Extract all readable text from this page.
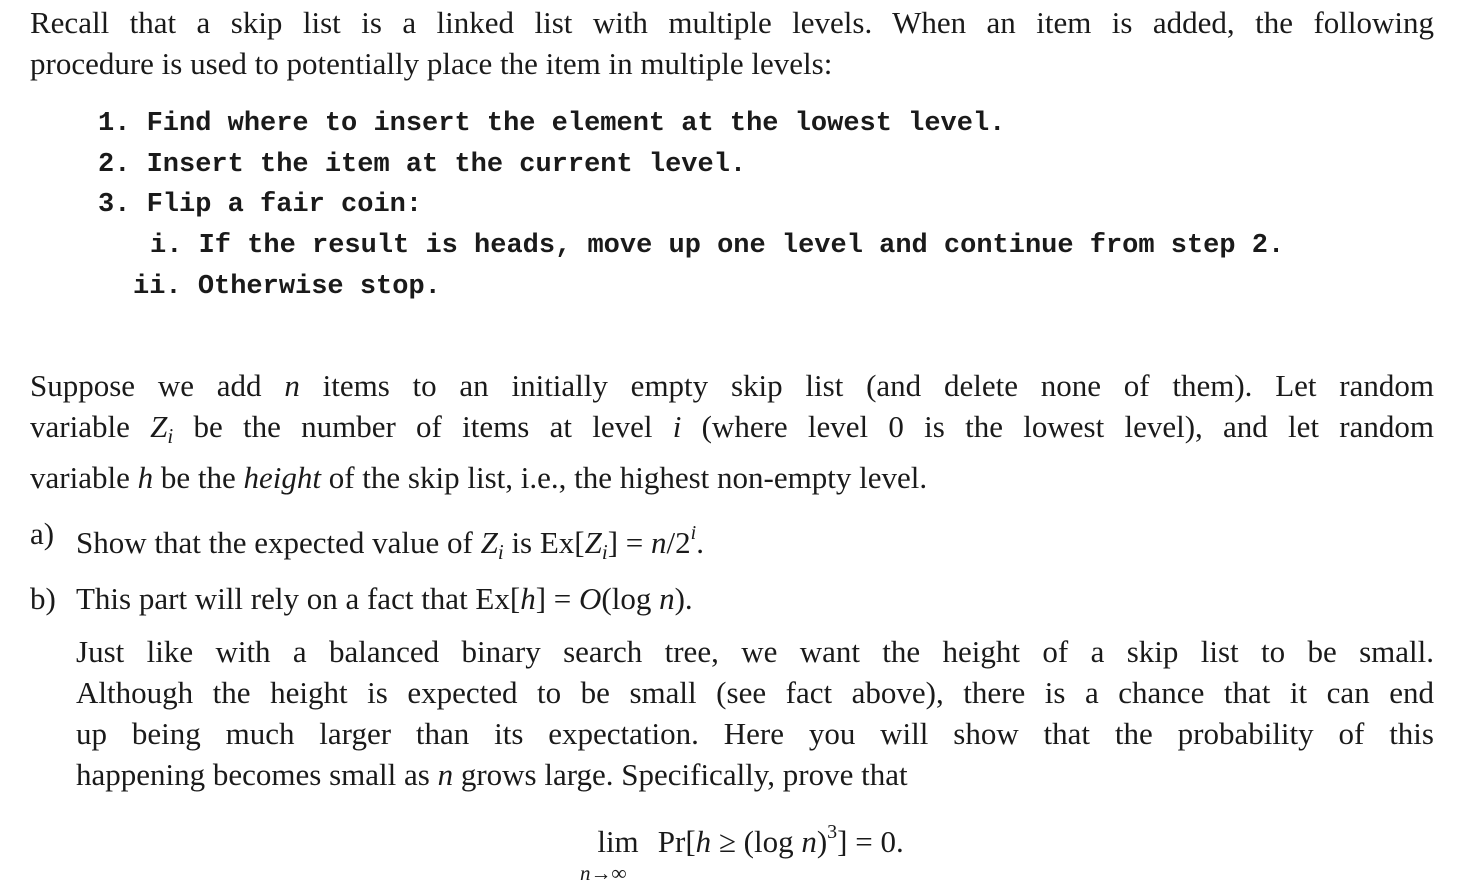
Recall that a skip list is a linked list with multiple levels. When an item is added, the following
procedure is used to potentially place the item in multiple levels:
1. Find where to insert the element at the lowest level.
2. Insert the item at the current level.
3. Flip a fair coin:
i. If the result is heads, move up one level and continue from step 2.
ii. Otherwise stop.
Suppose we add n items to an initially empty skip list (and delete none of them). Let random
variable $Z_i$ be the number of items at level i (where level 0 is the lowest level), and let random
variable h be the height of the skip list, i.e., the highest non-empty level.
a) Show that the expected value of $Z_i$ is $Ex[Z_i] = n/2^i$.
b) This part will rely on a fact that Ex[h] = O(log n).
Just like with a balanced binary search tree, we want the height of a skip list to be small.
Although the height is expected to be small (see fact above), there is a chance that it can end
up being much larger than its expectation. Here you will show that the probability of this
happening becomes small as n grows large. Specifically, prove that
lim
n→∞
Pr[h ≥ (log n)$^3$] = 0.
